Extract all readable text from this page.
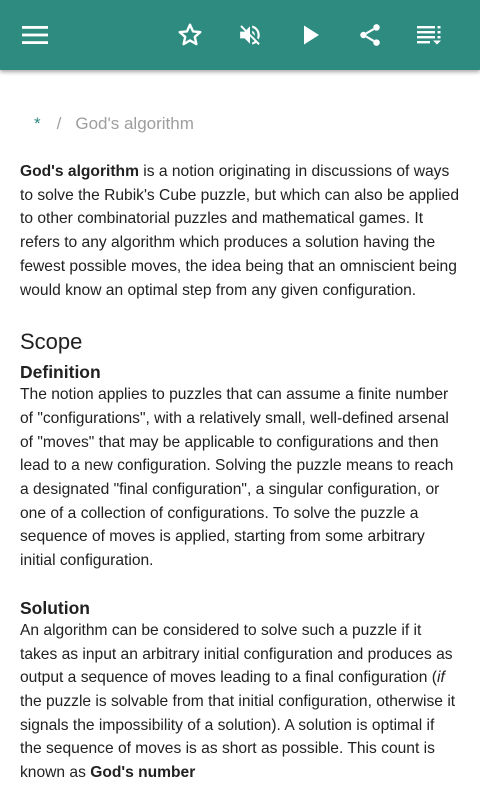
* / God's algorithm

God's algorithm is a notion originating in discussions of ways to solve the Rubik's Cube puzzle, but which can also be applied to other combinatorial puzzles and mathematical games. It refers to any algorithm which produces a solution having the fewest possible moves, the idea being that an omniscient being would know an optimal step from any given configuration.

Scope
Definition

The notion applies to puzzles that can assume a finite number of "configurations", with a relatively small, well-defined arsenal of "moves" that may be applicable to configurations and then lead to a new configuration. Solving the puzzle means to reach a designated "final configuration", a singular configuration, or one of a collection of configurations. To solve the puzzle a sequence of moves is applied, starting from some arbitrary initial configuration.

Solution

An algorithm can be considered to solve such a puzzle if it takes as input an arbitrary initial configuration and produces as output a sequence of moves leading to a final configuration (if the puzzle is solvable from that initial configuration, otherwise it signals the impossibility of a solution). A solution is optimal if the sequence of moves is as short as possible. This count is known as God's number
